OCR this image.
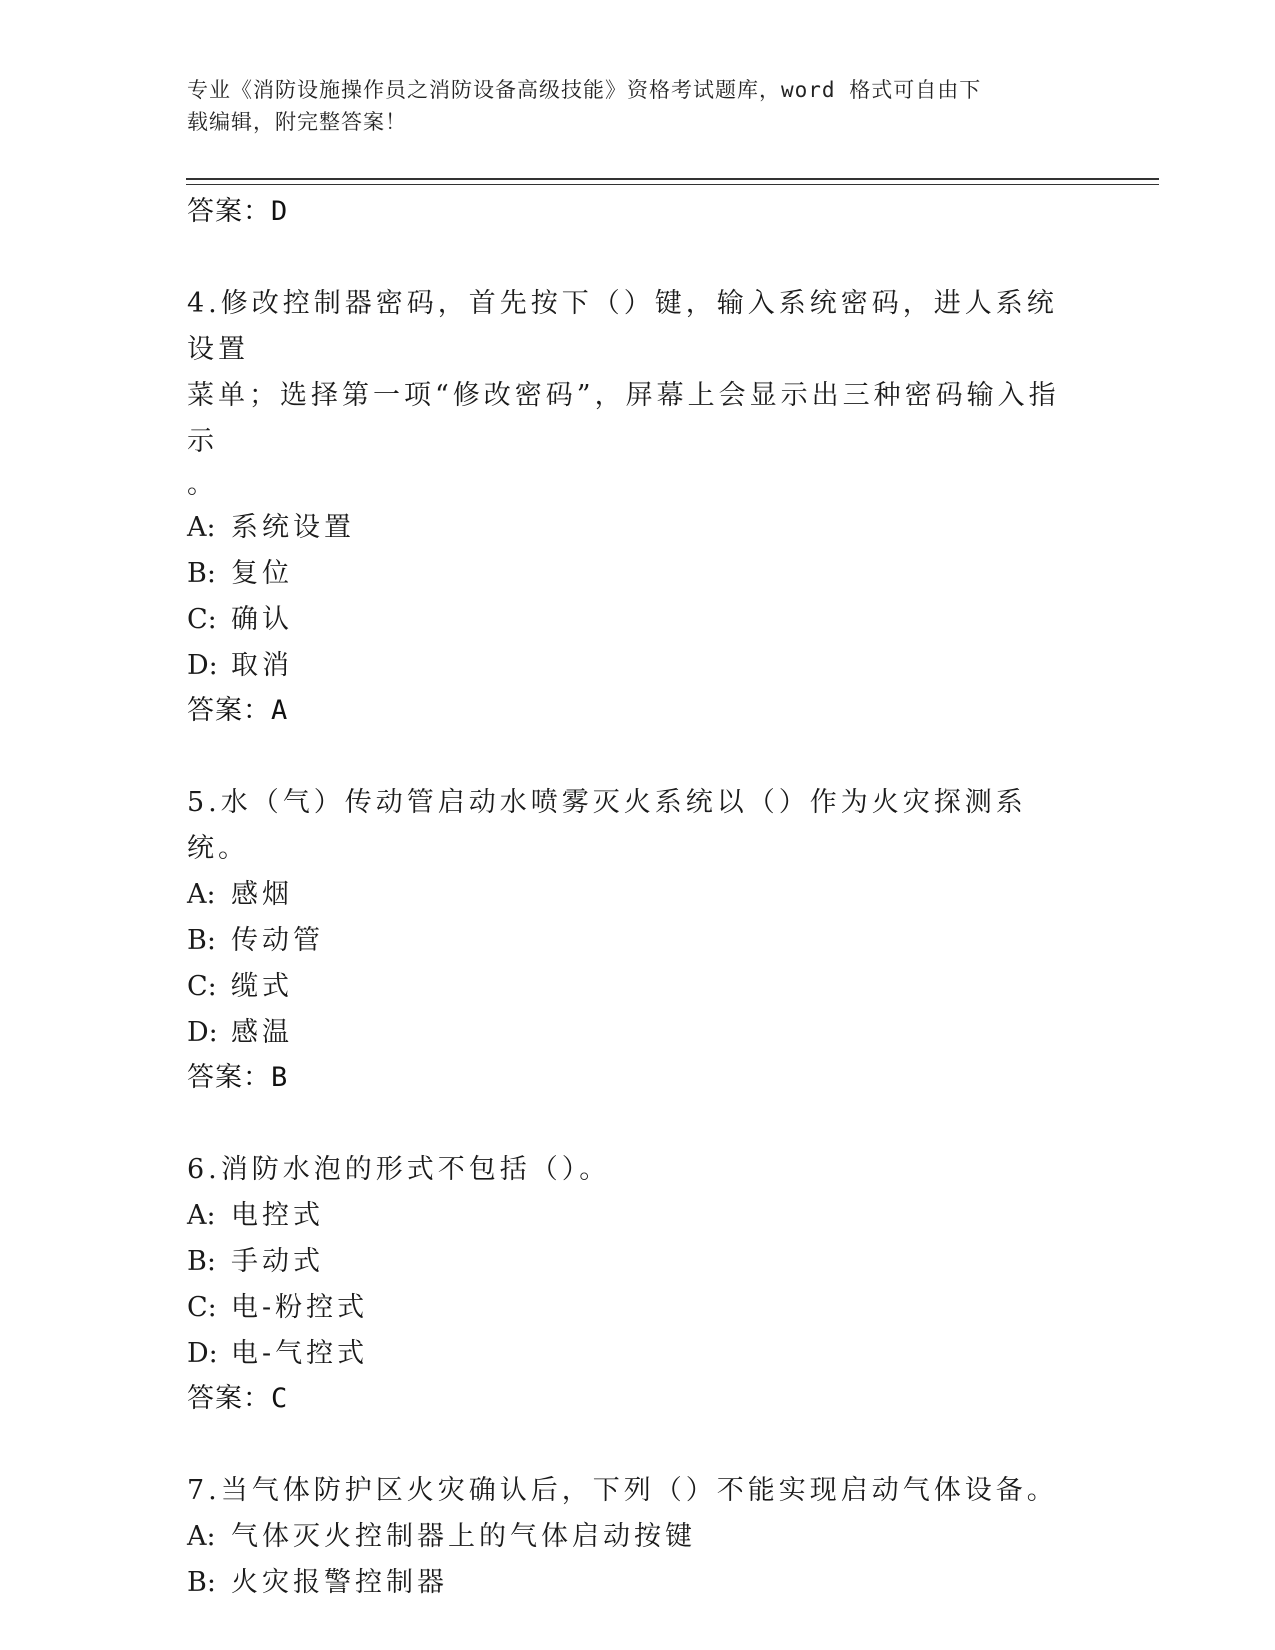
专业《消防设施操作员之消防设备高级技能》资格考试题库，word 格式可自由下
载编辑，附完整答案！
答案：D
4.修改控制器密码，首先按下（）键，输入系统密码，进人系统设置
菜单；选择第一项“修改密码”，屏幕上会显示出三种密码输入指示
。
A: 系统设置
B: 复位
C: 确认
D: 取消
答案：A
5.水（气）传动管启动水喷雾灭火系统以（）作为火灾探测系统。
A: 感烟
B: 传动管
C: 缆式
D: 感温
答案：B
6.消防水泡的形式不包括（）。
A: 电控式
B: 手动式
C: 电-粉控式
D: 电-气控式
答案：C
7.当气体防护区火灾确认后，下列（）不能实现启动气体设备。
A: 气体灭火控制器上的气体启动按键
B: 火灾报警控制器
